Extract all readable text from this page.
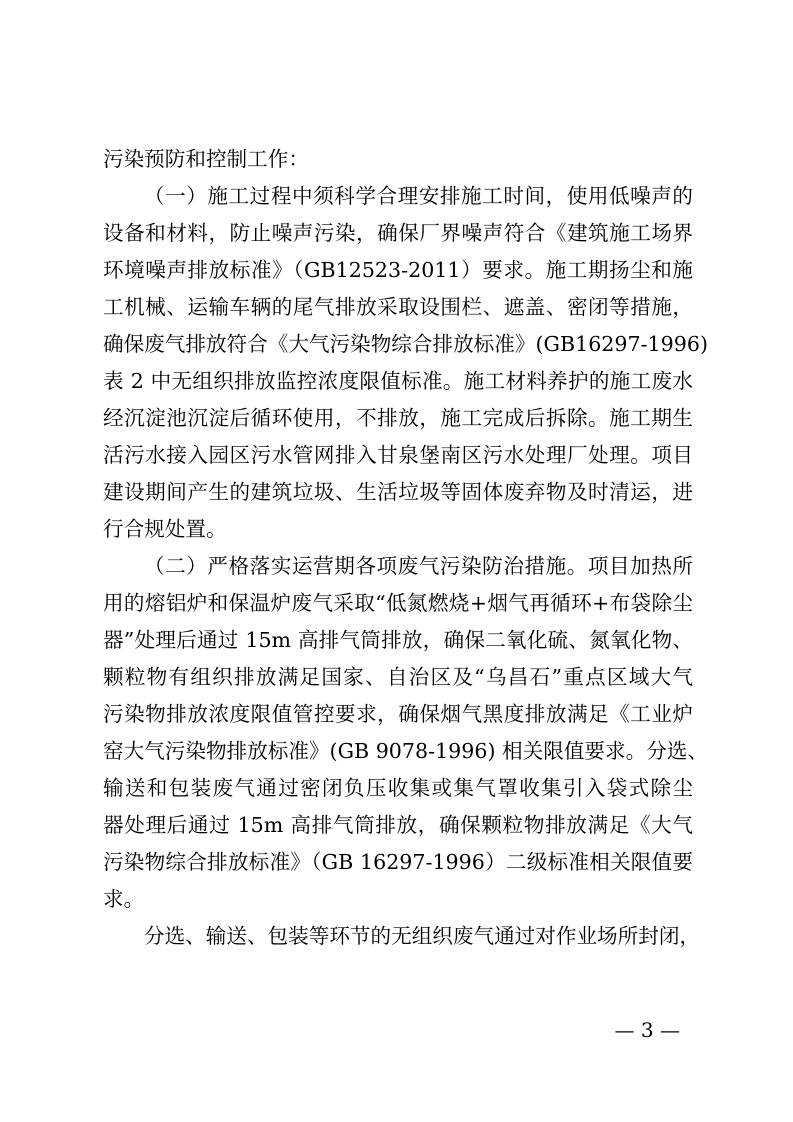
污染预防和控制工作：
（一）施工过程中须科学合理安排施工时间，使用低噪声的
设备和材料，防止噪声污染，确保厂界噪声符合《建筑施工场界
环境噪声排放标准》（GB12523-2011）要求。施工期扬尘和施
工机械、运输车辆的尾气排放采取设围栏、遮盖、密闭等措施，
确保废气排放符合《大气污染物综合排放标准》(GB16297-1996)
表 2 中无组织排放监控浓度限值标准。施工材料养护的施工废水
经沉淀池沉淀后循环使用，不排放，施工完成后拆除。施工期生
活污水接入园区污水管网排入甘泉堡南区污水处理厂处理。项目
建设期间产生的建筑垃圾、生活垃圾等固体废弃物及时清运，进
行合规处置。
（二）严格落实运营期各项废气污染防治措施。项目加热所
用的熔铝炉和保温炉废气采取“低氮燃烧+烟气再循环+布袋除尘
器”处理后通过 15m 高排气筒排放，确保二氧化硫、氮氧化物、
颗粒物有组织排放满足国家、自治区及“乌昌石”重点区域大气
污染物排放浓度限值管控要求，确保烟气黑度排放满足《工业炉
窑大气污染物排放标准》(GB 9078-1996) 相关限值要求。分选、
输送和包装废气通过密闭负压收集或集气罩收集引入袋式除尘
器处理后通过 15m 高排气筒排放，确保颗粒物排放满足《大气
污染物综合排放标准》（GB 16297-1996）二级标准相关限值要
求。
分选、输送、包装等环节的无组织废气通过对作业场所封闭，
— 3 —
